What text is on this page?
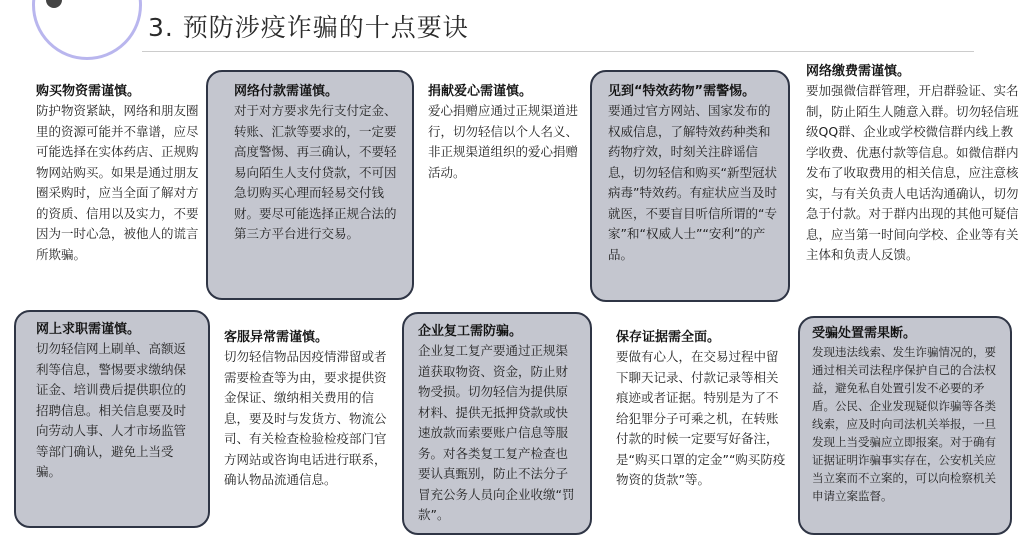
3. 预防涉疫诈骗的十点要诀
购买物资需谨慎。

防护物资紧缺，网络和朋友圈里的资源可能并不靠谱，应尽可能选择在实体药店、正规购物网站购买。如果是通过朋友圈采购时，应当全面了解对方的资质、信用以及实力，不要因为一时心急，被他人的谎言所欺骗。

网络付款需谨慎。

对于对方要求先行支付定金、转账、汇款等要求的，一定要高度警惕、再三确认，不要轻易向陌生人支付贷款，不可因急切购买心理而轻易交付钱财。要尽可能选择正规合法的第三方平台进行交易。

捐献爱心需谨慎。

爱心捐赠应通过正规渠道进行，切勿轻信以个人名义、非正规渠道组织的爱心捐赠活动。

见到“特效药物”需警惕。

要通过官方网站、国家发布的权威信息，了解特效药种类和药物疗效，时刻关注辟谣信息，切勿轻信和购买“新型冠状病毒”特效药。有症状应当及时就医，不要盲目听信所谓的“专家”和“权威人士”“安利”的产品。

网络缴费需谨慎。

要加强微信群管理，开启群验证、实名制，防止陌生人随意入群。切勿轻信班级QQ群、企业或学校微信群内线上教学收费、优惠付款等信息。如微信群内发布了收取费用的相关信息，应注意核实，与有关负责人电话沟通确认，切勿急于付款。对于群内出现的其他可疑信息，应当第一时间向学校、企业等有关主体和负责人反馈。

网上求职需谨慎。

切勿轻信网上刷单、高额返利等信息，警惕要求缴纳保证金、培训费后提供职位的招聘信息。相关信息要及时向劳动人事、人才市场监管等部门确认，避免上当受骗。

客服异常需谨慎。

切勿轻信物品因疫情滞留或者需要检查等为由，要求提供资金保证、缴纳相关费用的信息，要及时与发货方、物流公司、有关检查检验检疫部门官方网站或咨询电话进行联系，确认物品流通信息。

企业复工需防骗。

企业复工复产要通过正规渠道获取物资、资金，防止财物受损。切勿轻信为提供原材料、提供无抵押贷款或快速放款而索要账户信息等服务。对各类复工复产检查也要认真甄别，防止不法分子冒充公务人员向企业收缴“罚款”。

保存证据需全面。

要做有心人，在交易过程中留下聊天记录、付款记录等相关痕迹或者证据。特别是为了不给犯罪分子可乘之机，在转账付款的时候一定要写好备注，是“购买口罩的定金”“购买防疫物资的货款”等。

受骗处置需果断。

发现违法线索、发生诈骗情况的，要通过相关司法程序保护自己的合法权益，避免私自处置引发不必要的矛盾。公民、企业发现疑似诈骗等各类线索，应及时向司法机关举报，一旦发现上当受骗应立即报案。对于确有证据证明诈骗事实存在，公安机关应当立案而不立案的，可以向检察机关申请立案监督。
